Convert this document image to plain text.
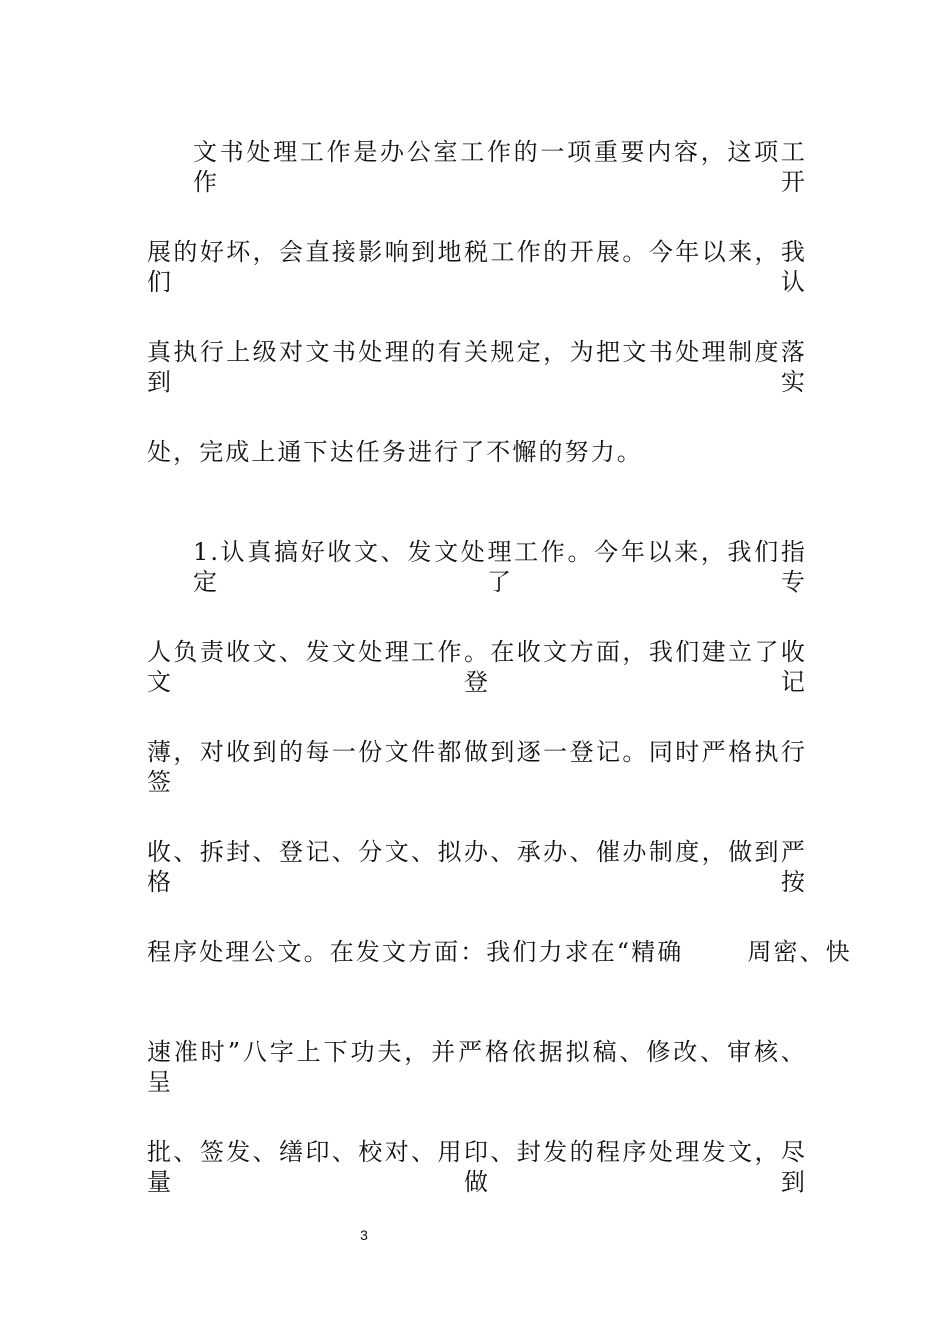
文书处理工作是办公室工作的一项重要内容，这项工作开
展的好坏，会直接影响到地税工作的开展。今年以来，我们认
真执行上级对文书处理的有关规定，为把文书处理制度落到实
处，完成上通下达任务进行了不懈的努力。
1.认真搞好收文、发文处理工作。今年以来，我们指定了专
人负责收文、发文处理工作。在收文方面，我们建立了收文登记
薄，对收到的每一份文件都做到逐一登记。同时严格执行签
收、拆封、登记、分文、拟办、承办、催办制度，做到严格按
程序处理公文。在发文方面：我们力求在“精确	周密、快
速准时”八字上下功夫，并严格依据拟稿、修改、审核、呈
批、签发、缮印、校对、用印、封发的程序处理发文，尽量做到
3
